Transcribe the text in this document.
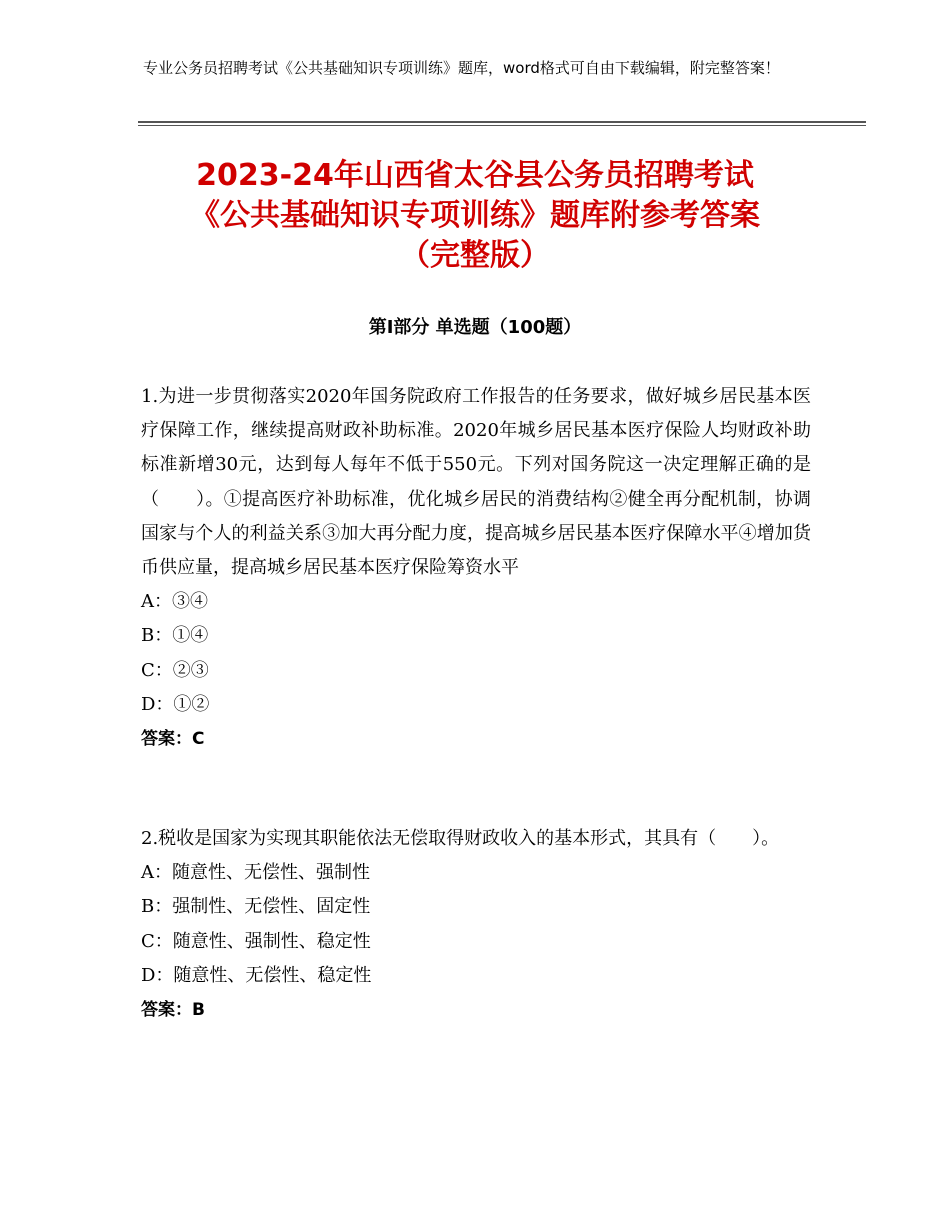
专业公务员招聘考试《公共基础知识专项训练》题库，word格式可自由下载编辑，附完整答案！
2023-24年山西省太谷县公务员招聘考试
《公共基础知识专项训练》题库附参考答案
（完整版）
第Ⅰ部分 单选题（100题）
1.为进一步贯彻落实2020年国务院政府工作报告的任务要求，做好城乡居民基本医疗保障工作，继续提高财政补助标准。2020年城乡居民基本医疗保险人均财政补助标准新增30元，达到每人每年不低于550元。下列对国务院这一决定理解正确的是（　　）。①提高医疗补助标准，优化城乡居民的消费结构②健全再分配机制，协调国家与个人的利益关系③加大再分配力度，提高城乡居民基本医疗保障水平④增加货币供应量，提高城乡居民基本医疗保险筹资水平
A：③④
B：①④
C：②③
D：①②
答案：C
2.税收是国家为实现其职能依法无偿取得财政收入的基本形式，其具有（　　）。
A：随意性、无偿性、强制性
B：强制性、无偿性、固定性
C：随意性、强制性、稳定性
D：随意性、无偿性、稳定性
答案：B
